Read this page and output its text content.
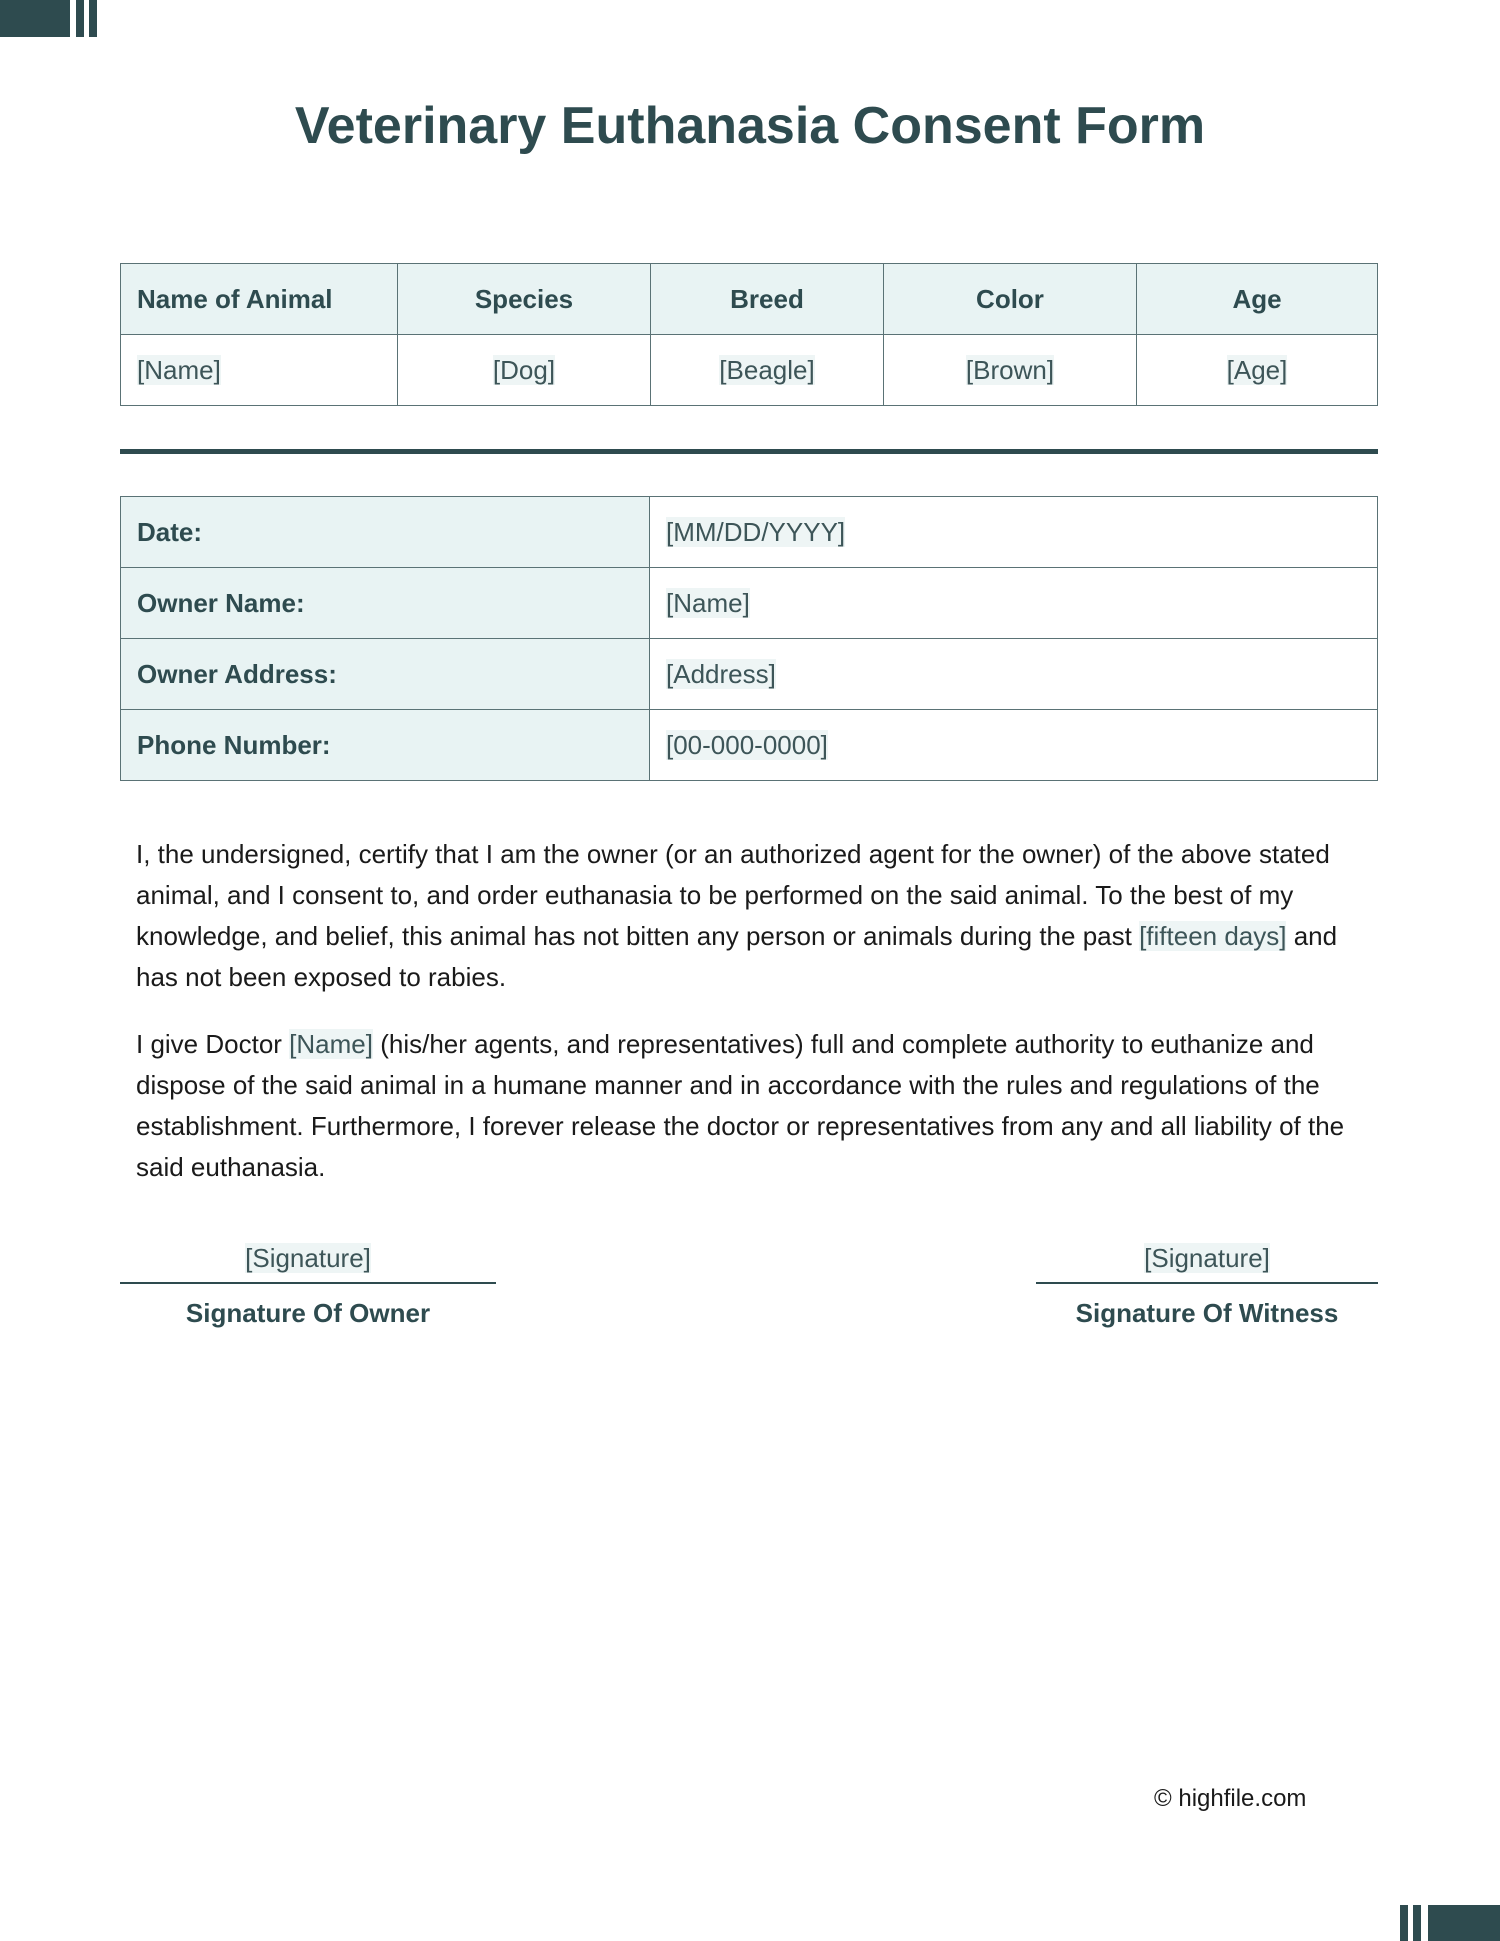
Veterinary Euthanasia Consent Form
Name of Animal	Species	Breed	Color	Age
[Name]	[Dog]	[Beagle]	[Brown]	[Age]
Date:	[MM/DD/YYYY]
Owner Name:	[Name]
Owner Address:	[Address]
Phone Number:	[00-000-0000]

I, the undersigned, certify that I am the owner (or an authorized agent for the owner) of the above stated animal, and I consent to, and order euthanasia to be performed on the said animal. To the best of my knowledge, and belief, this animal has not bitten any person or animals during the past [fifteen days] and has not been exposed to rabies.

I give Doctor [Name] (his/her agents, and representatives) full and complete authority to euthanize and dispose of the said animal in a humane manner and in accordance with the rules and regulations of the establishment. Furthermore, I forever release the doctor or representatives from any and all liability of the said euthanasia.

[Signature]
Signature Of Owner
[Signature]
Signature Of Witness
© highfile.com
